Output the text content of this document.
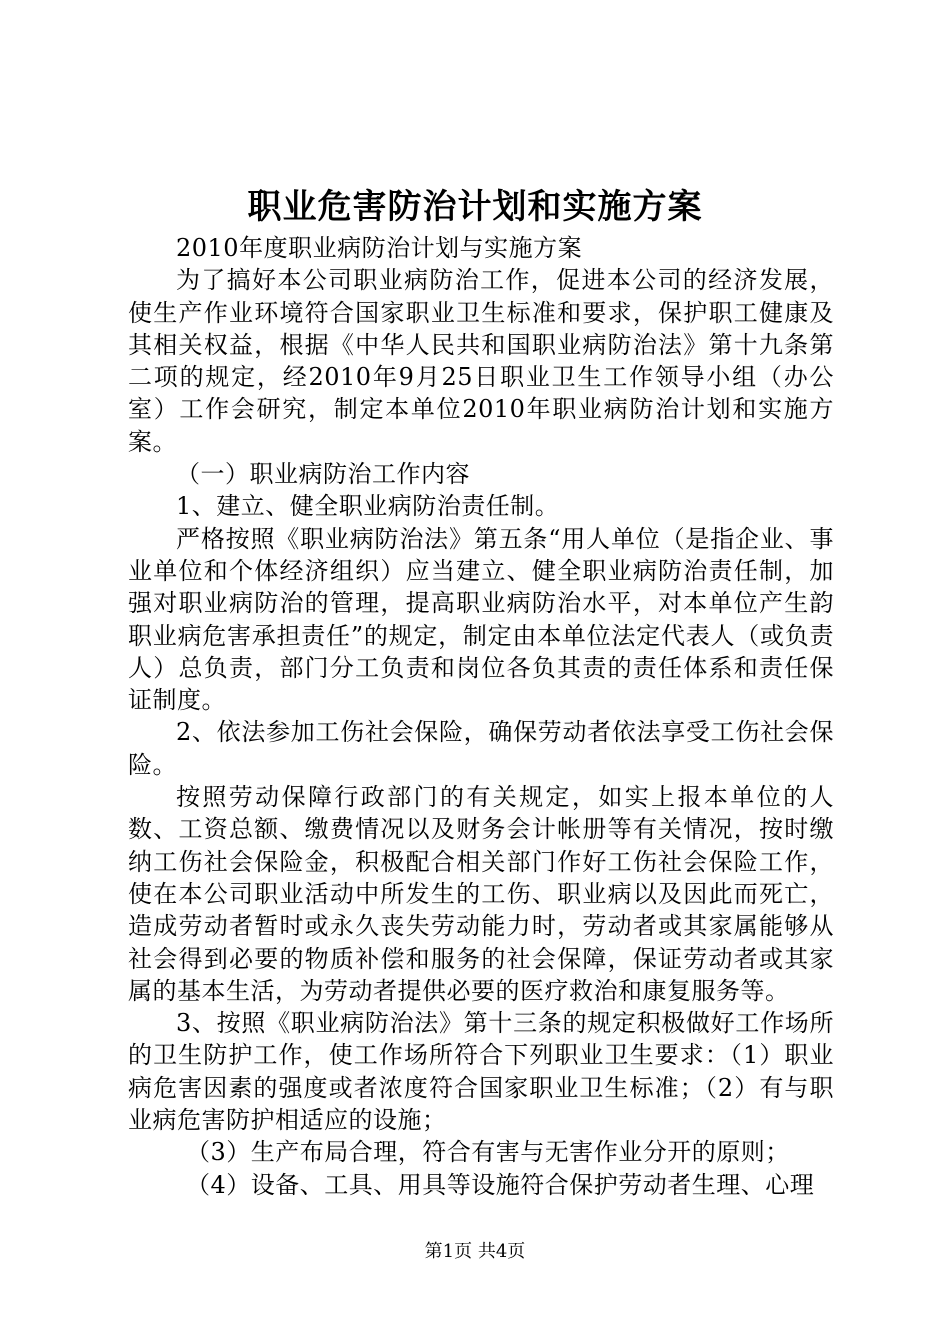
职业危害防治计划和实施方案

2010年度职业病防治计划与实施方案

为了搞好本公司职业病防治工作，促进本公司的经济发展，使生产作业环境符合国家职业卫生标准和要求，保护职工健康及其相关权益，根据《中华人民共和国职业病防治法》第十九条第二项的规定，经2010年9月25日职业卫生工作领导小组（办公室）工作会研究，制定本单位2010年职业病防治计划和实施方案。

（一）职业病防治工作内容

1、建立、健全职业病防治责任制。

严格按照《职业病防治法》第五条“用人单位（是指企业、事业单位和个体经济组织）应当建立、健全职业病防治责任制，加强对职业病防治的管理，提高职业病防治水平，对本单位产生韵职业病危害承担责任”的规定，制定由本单位法定代表人（或负责人）总负责，部门分工负责和岗位各负其责的责任体系和责任保证制度。

2、依法参加工伤社会保险，确保劳动者依法享受工伤社会保险。

按照劳动保障行政部门的有关规定，如实上报本单位的人数、工资总额、缴费情况以及财务会计帐册等有关情况，按时缴纳工伤社会保险金，积极配合相关部门作好工伤社会保险工作，使在本公司职业活动中所发生的工伤、职业病以及因此而死亡，造成劳动者暂时或永久丧失劳动能力时，劳动者或其家属能够从社会得到必要的物质补偿和服务的社会保障，保证劳动者或其家属的基本生活，为劳动者提供必要的医疗救治和康复服务等。

3、按照《职业病防治法》第十三条的规定积极做好工作场所的卫生防护工作，使工作场所符合下列职业卫生要求：（1）职业病危害因素的强度或者浓度符合国家职业卫生标准；（2）有与职业病危害防护相适应的设施；

（3）生产布局合理，符合有害与无害作业分开的原则；

（4）设备、工具、用具等设施符合保护劳动者生理、心理

第1页 共4页
